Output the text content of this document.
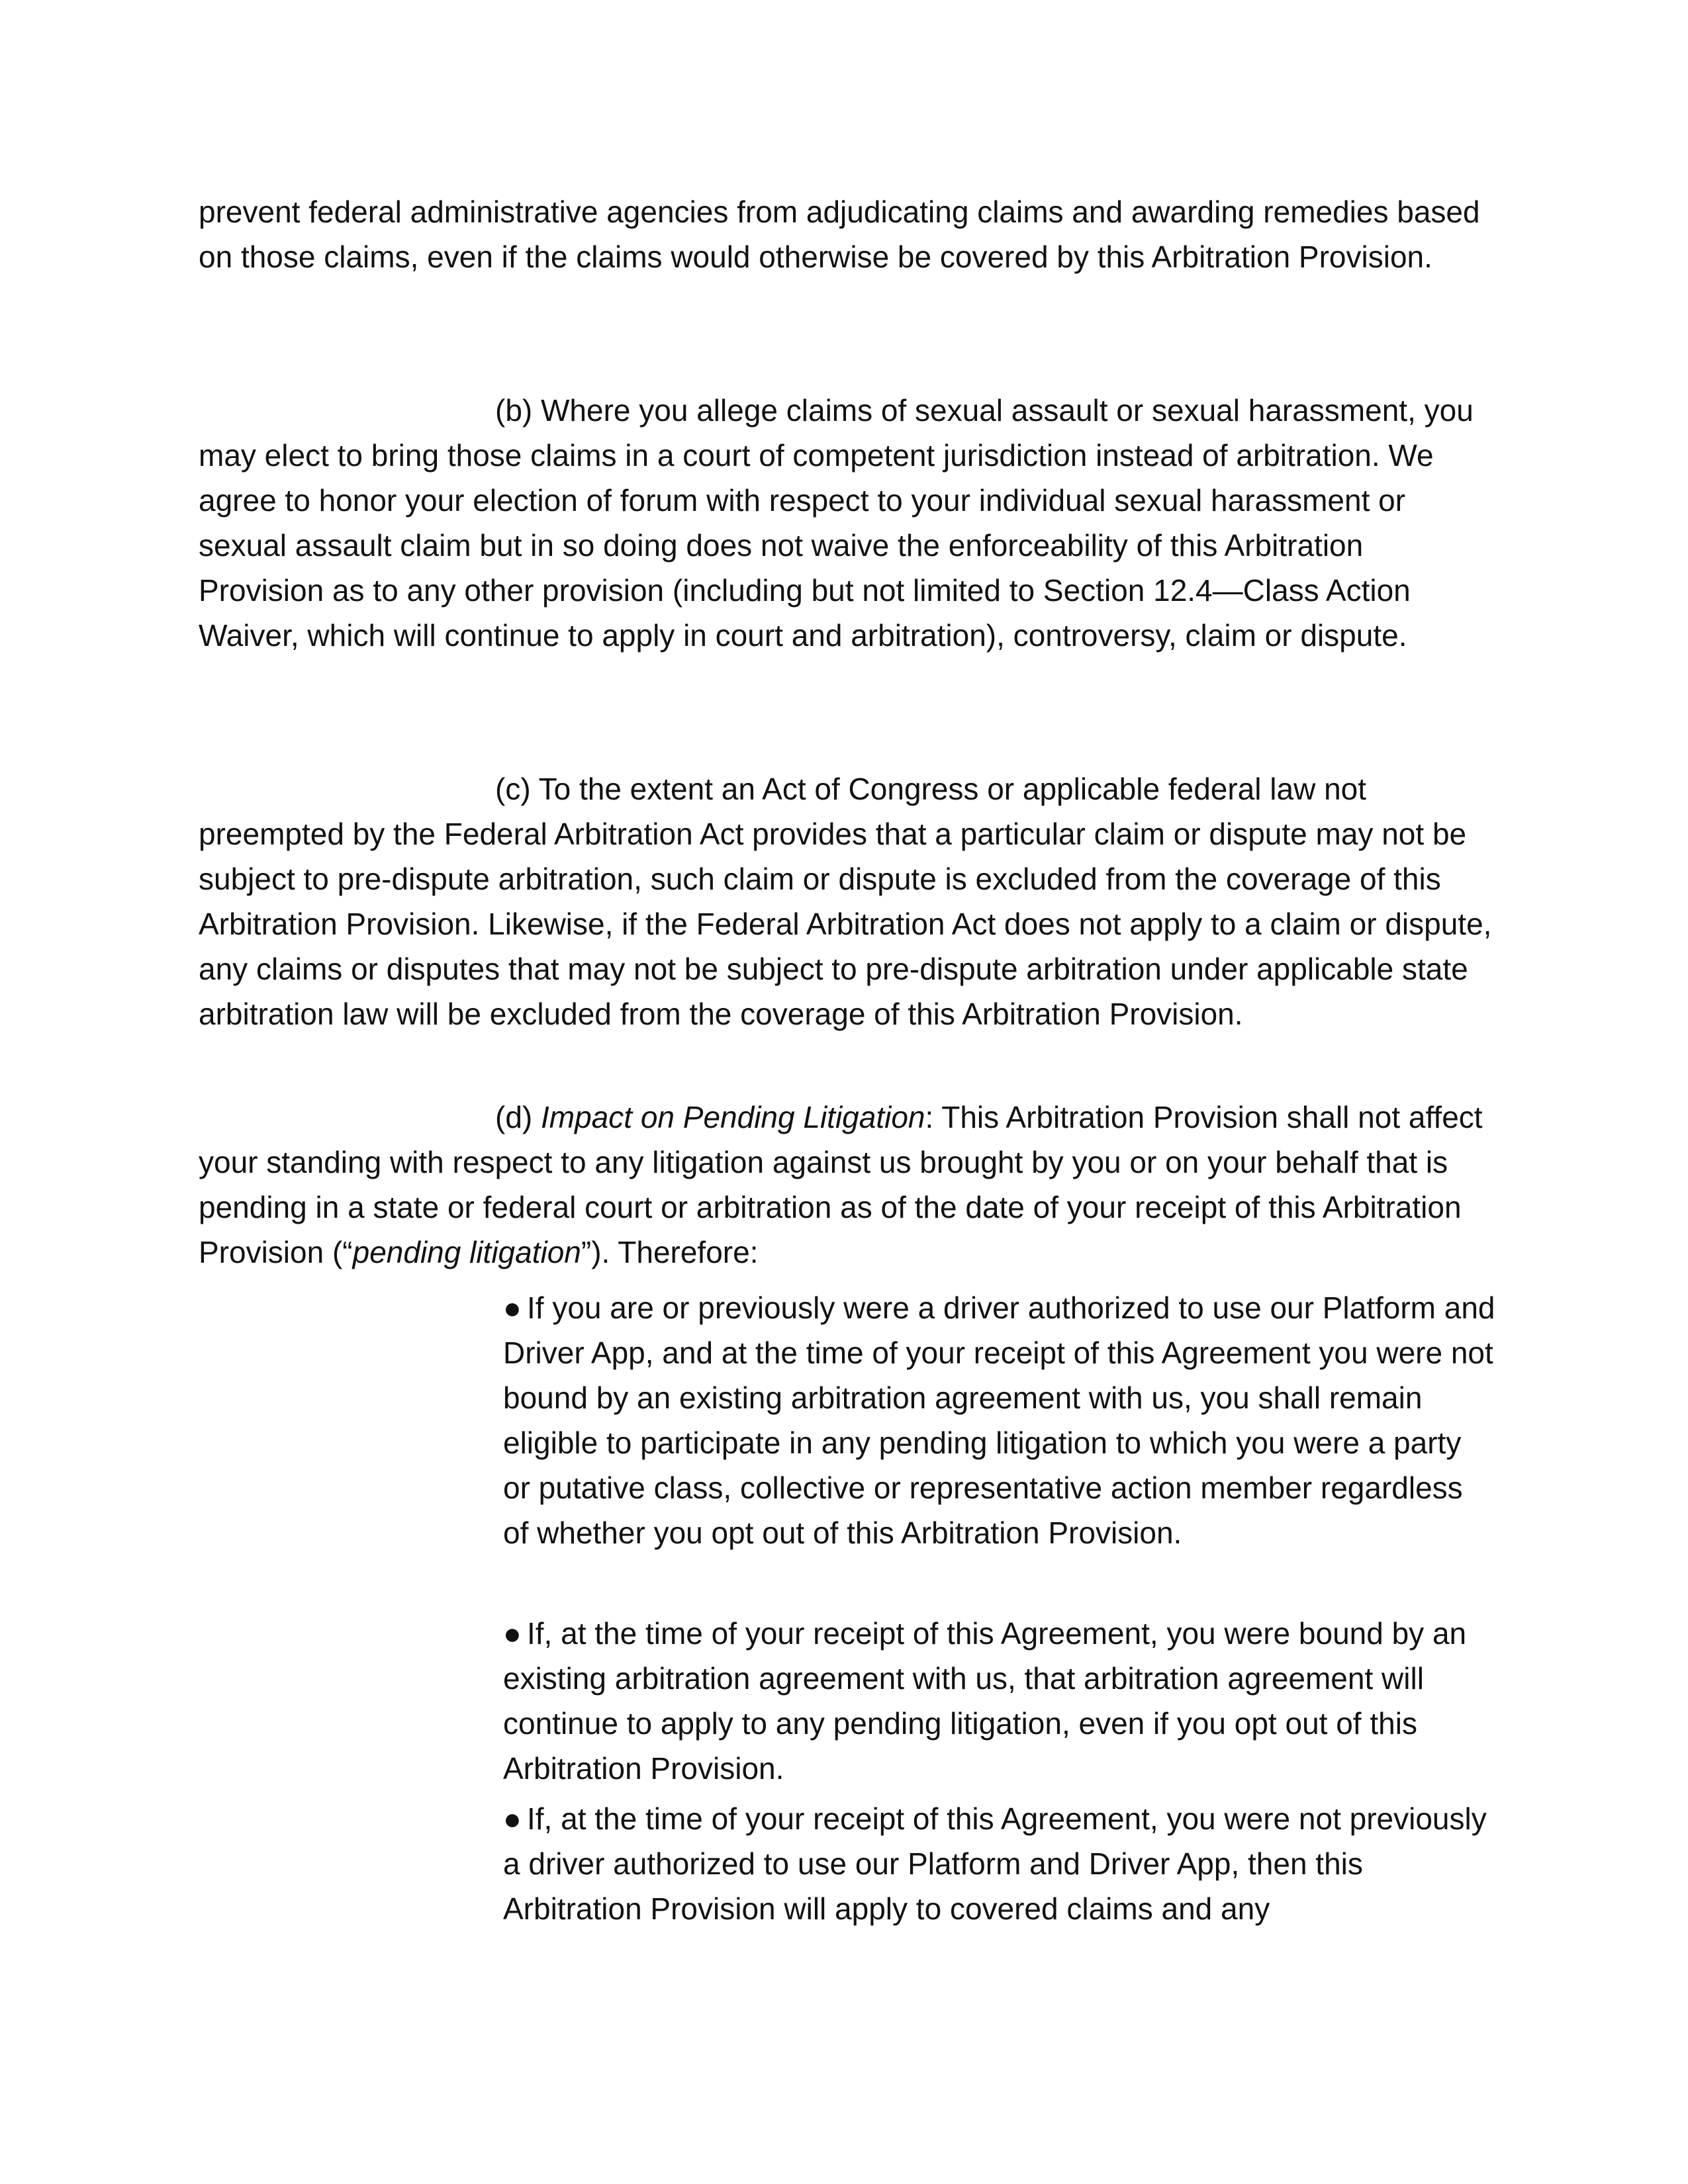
prevent federal administrative agencies from adjudicating claims and awarding remedies based on those claims, even if the claims would otherwise be covered by this Arbitration Provision.

(b) Where you allege claims of sexual assault or sexual harassment, you may elect to bring those claims in a court of competent jurisdiction instead of arbitration. We agree to honor your election of forum with respect to your individual sexual harassment or sexual assault claim but in so doing does not waive the enforceability of this Arbitration Provision as to any other provision (including but not limited to Section 12.4—Class Action Waiver, which will continue to apply in court and arbitration), controversy, claim or dispute.

(c) To the extent an Act of Congress or applicable federal law not preempted by the Federal Arbitration Act provides that a particular claim or dispute may not be subject to pre-dispute arbitration, such claim or dispute is excluded from the coverage of this Arbitration Provision. Likewise, if the Federal Arbitration Act does not apply to a claim or dispute, any claims or disputes that may not be subject to pre-dispute arbitration under applicable state arbitration law will be excluded from the coverage of this Arbitration Provision.

(d) Impact on Pending Litigation: This Arbitration Provision shall not affect your standing with respect to any litigation against us brought by you or on your behalf that is pending in a state or federal court or arbitration as of the date of your receipt of this Arbitration Provision (“pending litigation”). Therefore:

● If you are or previously were a driver authorized to use our Platform and Driver App, and at the time of your receipt of this Agreement you were not bound by an existing arbitration agreement with us, you shall remain eligible to participate in any pending litigation to which you were a party or putative class, collective or representative action member regardless of whether you opt out of this Arbitration Provision.

● If, at the time of your receipt of this Agreement, you were bound by an existing arbitration agreement with us, that arbitration agreement will continue to apply to any pending litigation, even if you opt out of this Arbitration Provision.

● If, at the time of your receipt of this Agreement, you were not previously a driver authorized to use our Platform and Driver App, then this Arbitration Provision will apply to covered claims and any
